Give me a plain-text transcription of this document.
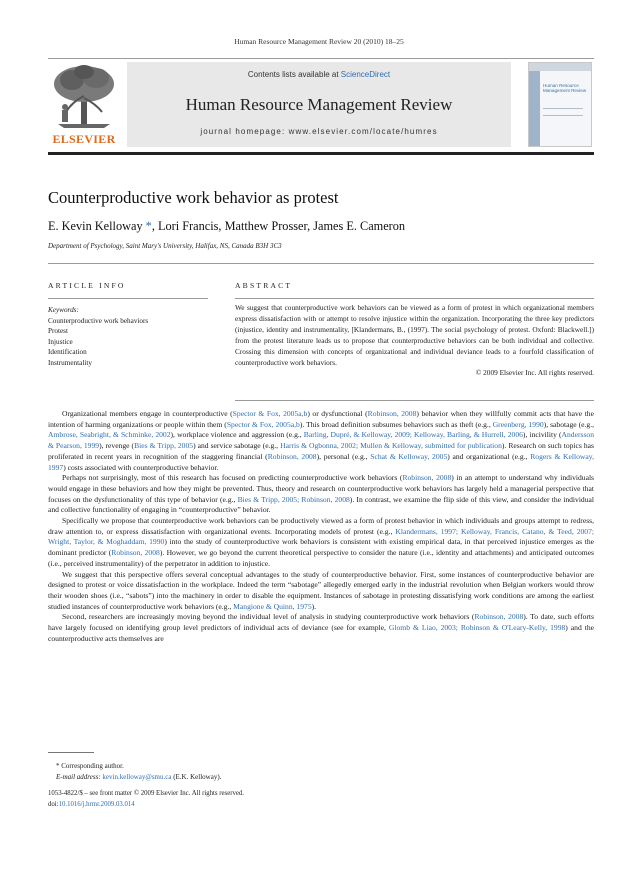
Human Resource Management Review 20 (2010) 18–25
ELSEVIER
Contents lists available at ScienceDirect
Human Resource Management Review
journal homepage: www.elsevier.com/locate/humres
Human Resource Management Review
Counterproductive work behavior as protest
E. Kevin Kelloway *, Lori Francis, Matthew Prosser, James E. Cameron
Department of Psychology, Saint Mary's University, Halifax, NS, Canada B3H 3C3
ARTICLE INFO	ABSTRACT
Keywords:
Counterproductive work behaviors
Protest
Injustice
Identification
Instrumentality
We suggest that counterproductive work behaviors can be viewed as a form of protest in which organizational members express dissatisfaction with or attempt to resolve injustice within the organization. Incorporating the three key predictors (injustice, identity and instrumentality, [Klandermans, B., (1997). The social psychology of protest. Oxford: Blackwell.]) from the protest literature leads us to propose that counterproductive behaviors can be both individual and collective. Crossing this dimension with concepts of organizational and individual deviance leads to a fourfold classification of counterproductive work behaviors.
© 2009 Elsevier Inc. All rights reserved.

Organizational members engage in counterproductive (Spector & Fox, 2005a,b) or dysfunctional (Robinson, 2008) behavior when they willfully commit acts that have the intention of harming organizations or people within them (Spector & Fox, 2005a,b). This broad definition subsumes behaviors such as theft (e.g., Greenberg, 1990), sabotage (e.g., Ambrose, Seabright, & Schminke, 2002), workplace violence and aggression (e.g., Barling, Dupré, & Kelloway, 2009; Kelloway, Barling, & Hurrell, 2006), incivility (Andersson & Pearson, 1999), revenge (Bies & Tripp, 2005) and service sabotage (e.g., Harris & Ogbonna, 2002; Mullen & Kelloway, submitted for publication). Research on such topics has proliferated in recent years in recognition of the staggering financial (Robinson, 2008), personal (e.g., Schat & Kelloway, 2005) and organizational (e.g., Rogers & Kelloway, 1997) costs associated with counterproductive behavior.

Perhaps not surprisingly, most of this research has focused on predicting counterproductive work behaviors (Robinson, 2008) in an attempt to understand why individuals would engage in these behaviors and how they might be prevented. Thus, theory and research on counterproductive work behaviors has largely held a managerial perspective that focuses on the dysfunctionality of this type of behavior (e.g., Bies & Tripp, 2005; Robinson, 2008). In contrast, we examine the flip side of this view, and consider the individual and collective functionality of engaging in “counterproductive” behavior.

Specifically we propose that counterproductive work behaviors can be productively viewed as a form of protest behavior in which individuals and groups attempt to redress, draw attention to, or express dissatisfaction with organizational events. Incorporating models of protest (e.g., Klandermans, 1997; Kelloway, Francis, Catano, & Teed, 2007; Wright, Taylor, & Moghaddam, 1990) into the study of counterproductive work behaviors is consistent with existing empirical data, in that perceived injustice emerges as the dominant predictor (Robinson, 2008). However, we go beyond the current theoretical perspective to consider the nature (i.e., identity and attachments) and anticipated outcomes (i.e., perceived instrumentality) of the perpetrator in addition to injustice.

We suggest that this perspective offers several conceptual advantages to the study of counterproductive behavior. First, some instances of counterproductive behavior are designed to protest or voice dissatisfaction in the workplace. Indeed the term “sabotage” allegedly emerged early in the industrial revolution when Belgian workers would throw their wooden shoes (i.e., “sabots”) into the machinery in order to disable the equipment. Instances of sabotage in protesting dissatisfying work conditions are among the earliest studied instances of counterproductive work behaviors (e.g., Mangione & Quinn, 1975).

Second, researchers are increasingly moving beyond the individual level of analysis in studying counterproductive work behaviors (Robinson, 2008). To date, such efforts have largely focused on identifying group level predictors of individual acts of deviance (see for example, Glomb & Liao, 2003; Robinson & O'Leary-Kelly, 1998) and the counterproductive acts themselves are

* Corresponding author.
E-mail address: kevin.kelloway@smu.ca (E.K. Kelloway).
1053-4822/$ – see front matter © 2009 Elsevier Inc. All rights reserved.
doi:10.1016/j.hrmr.2009.03.014
